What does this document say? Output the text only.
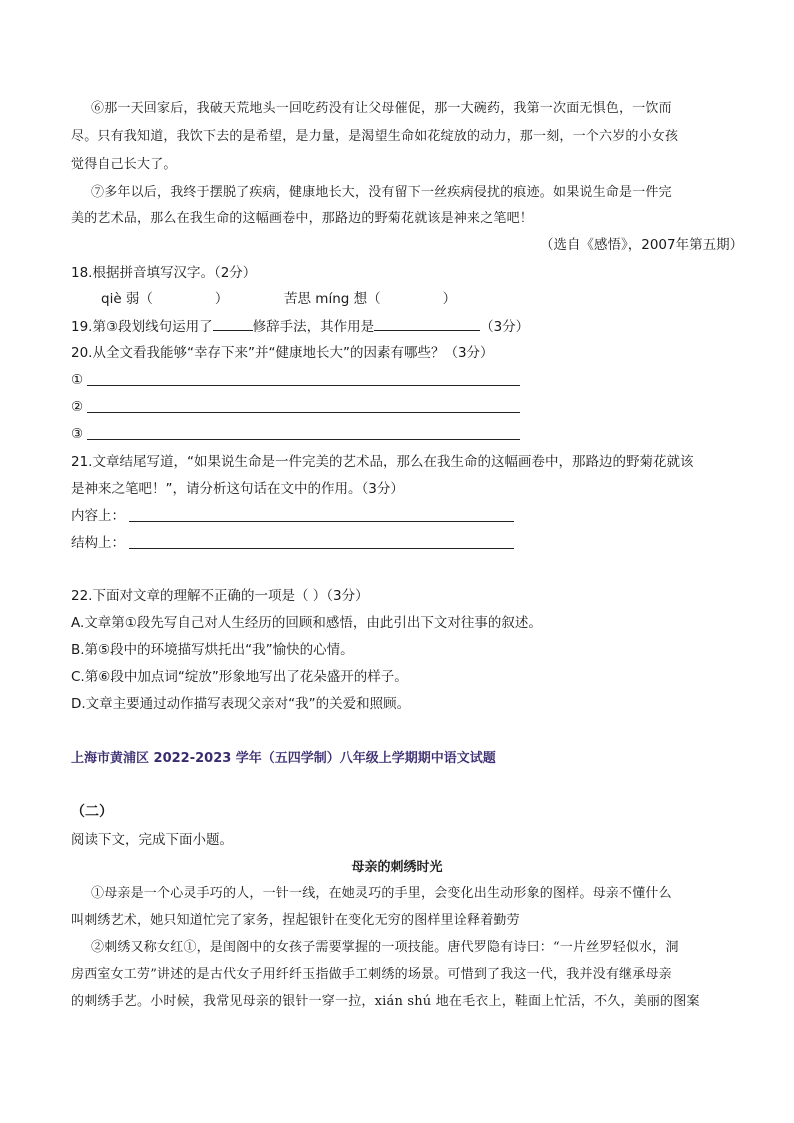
⑥那一天回家后，我破天荒地头一回吃药没有让父母催促，那一大碗药，我第一次面无惧色，一饮而
尽。只有我知道，我饮下去的是希望，是力量，是渴望生命如花绽放的动力，那一刻，一个六岁的小女孩
觉得自己长大了。
⑦多年以后，我终于摆脱了疾病，健康地长大，没有留下一丝疾病侵扰的痕迹。如果说生命是一件完
美的艺术品，那么在我生命的这幅画卷中，那路边的野菊花就该是神来之笔吧！
（选自《感悟》，2007年第五期）
18.根据拼音填写汉字。（2分）
qiè 弱（	）	苦思 míng 想（	）
19.第③段划线句运用了	修辞手法，其作用是	（3分）
20.从全文看我能够“幸存下来”并“健康地长大”的因素有哪些？（3分）
①
②
③
21.文章结尾写道，“如果说生命是一件完美的艺术品，那么在我生命的这幅画卷中，那路边的野菊花就该
是神来之笔吧！”，请分析这句话在文中的作用。（3分）
内容上：
结构上：
22.下面对文章的理解不正确的一项是（ ）（3分）
A.文章第①段先写自己对人生经历的回顾和感悟，由此引出下文对往事的叙述。
B.第⑤段中的环境描写烘托出“我”愉快的心情。
C.第⑥段中加点词“绽放”形象地写出了花朵盛开的样子。
D.文章主要通过动作描写表现父亲对“我”的关爱和照顾。
上海市黄浦区 2022-2023 学年（五四学制）八年级上学期期中语文试题
（二）
阅读下文，完成下面小题。
母亲的刺绣时光
①母亲是一个心灵手巧的人，一针一线，在她灵巧的手里，会变化出生动形象的图样。母亲不懂什么
叫刺绣艺术，她只知道忙完了家务，捏起银针在变化无穷的图样里诠释着勤劳
②刺绣又称女红①，是闺阁中的女孩子需要掌握的一项技能。唐代罗隐有诗曰：“一片丝罗轻似水，洞
房西室女工劳”讲述的是古代女子用纤纤玉指做手工刺绣的场景。可惜到了我这一代，我并没有继承母亲
的刺绣手艺。小时候，我常见母亲的银针一穿一拉，xián shú 地在毛衣上，鞋面上忙活，不久，美丽的图案
